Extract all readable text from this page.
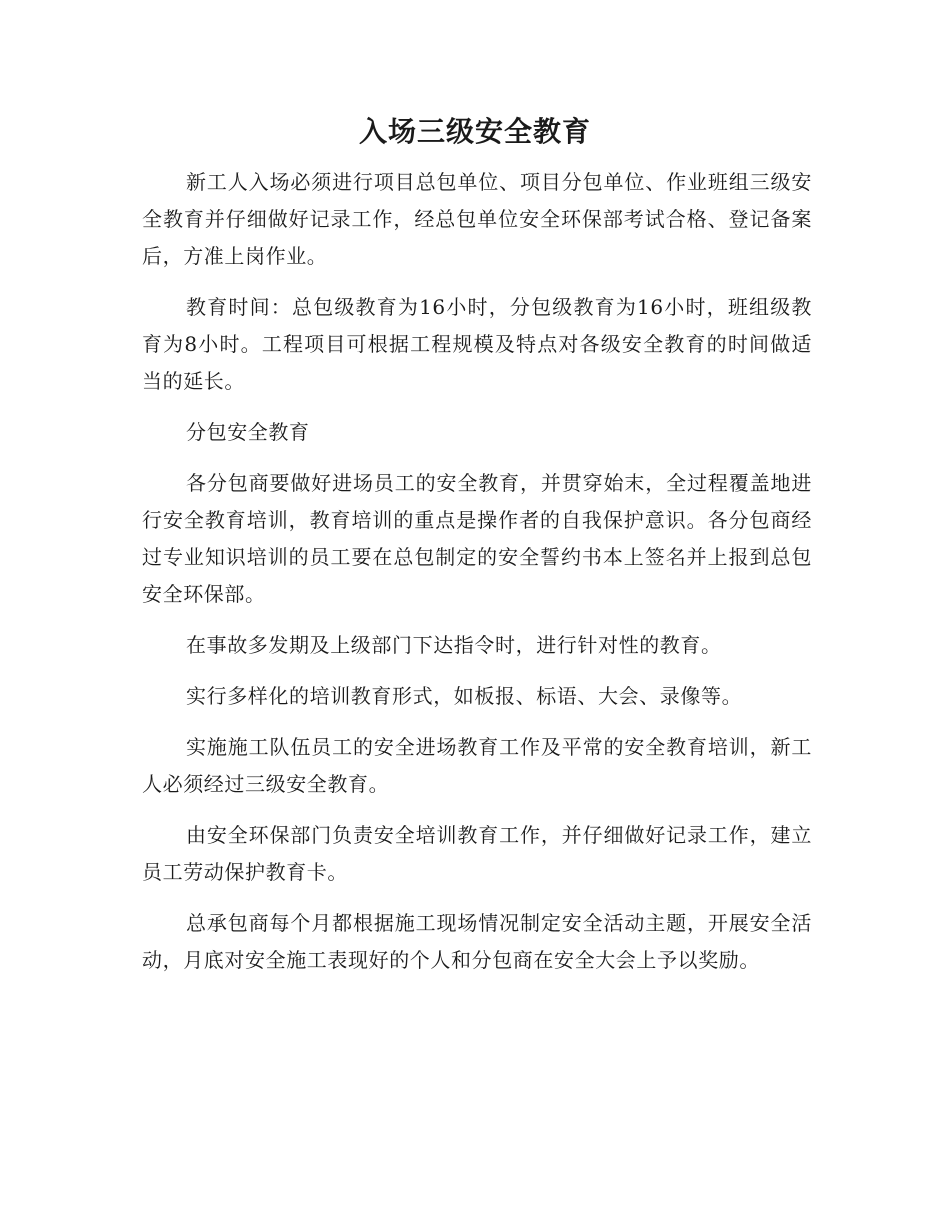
入场三级安全教育

新工人入场必须进行项目总包单位、项目分包单位、作业班组三级安全教育并仔细做好记录工作，经总包单位安全环保部考试合格、登记备案后，方准上岗作业。

教育时间：总包级教育为16小时，分包级教育为16小时，班组级教育为8小时。工程项目可根据工程规模及特点对各级安全教育的时间做适当的延长。

分包安全教育

各分包商要做好进场员工的安全教育，并贯穿始末，全过程覆盖地进行安全教育培训，教育培训的重点是操作者的自我保护意识。各分包商经过专业知识培训的员工要在总包制定的安全誓约书本上签名并上报到总包安全环保部。

在事故多发期及上级部门下达指令时，进行针对性的教育。

实行多样化的培训教育形式，如板报、标语、大会、录像等。

实施施工队伍员工的安全进场教育工作及平常的安全教育培训，新工人必须经过三级安全教育。

由安全环保部门负责安全培训教育工作，并仔细做好记录工作，建立员工劳动保护教育卡。

总承包商每个月都根据施工现场情况制定安全活动主题，开展安全活动，月底对安全施工表现好的个人和分包商在安全大会上予以奖励。
